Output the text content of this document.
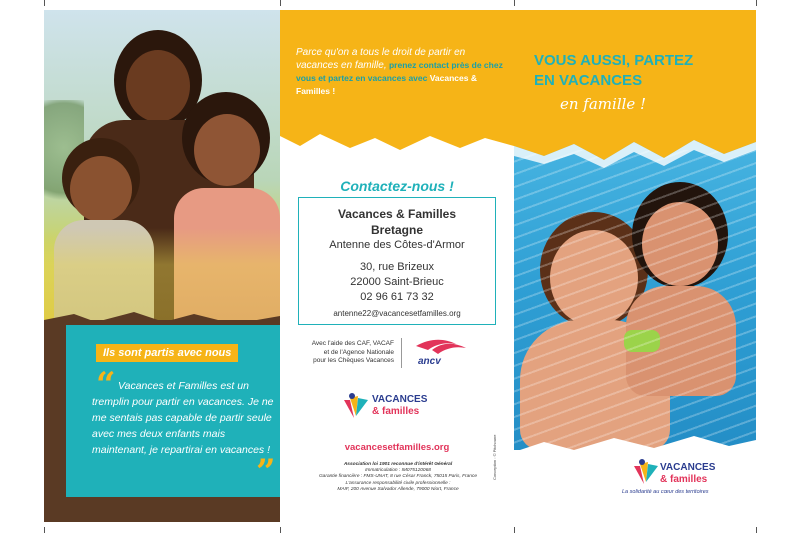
Ils sont partis avec nous
“ Vacances et Familles est un tremplin pour partir en vacances. Je ne me sentais pas capable de partir seule avec mes deux enfants mais maintenant, je repartirai en vacances !
”
Parce qu'on a tous le droit de partir en vacances en famille, prenez contact près de chez vous et partez en vacances avec Vacances & Familles !
Contactez-nous !
Vacances & Familles
Bretagne
Antenne des Côtes-d'Armor
30, rue Brizeux
22000 Saint-Brieuc
02 96 61 73 32
antenne22@vacancesetfamilles.org
Avec l'aide des CAF, VACAF et de l'Agence Nationale pour les Chèques Vacances ancv
VACANCES
& familles
vacancesetfamilles.org
Association loi 1901 reconnue d'intérêt Général
Immatriculation : IM075120068
Garantie financière : FMS-UNAT, 8 rue César Franck, 75015 Paris, France
L'assurance responsabilité civile professionnelle :
MAIF, 200 Avenue Salvador Allende, 79000 Niort, France
Conception : © Pitchoune
VOUS AUSSI, PARTEZ
EN VACANCES
en famille !
VACANCES
& familles
La solidarité au cœur des territoires
